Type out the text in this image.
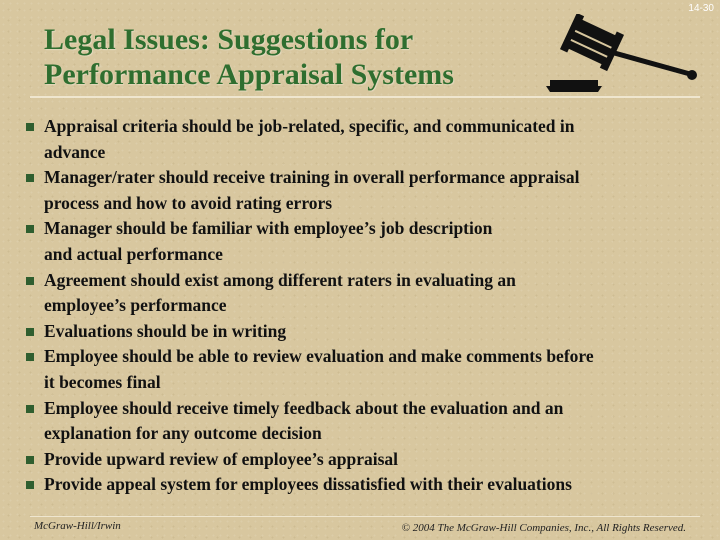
14-30
Legal Issues: Suggestions for
Performance Appraisal Systems
Appraisal criteria should be job-related, specific, and communicated in
advance
Manager/rater should receive training in overall performance appraisal
process and how to avoid rating errors
Manager should be familiar with employee’s job description
and actual performance
Agreement should exist among different raters in evaluating an
employee’s performance
Evaluations should be in writing
Employee should be able to review evaluation and make comments before
it becomes final
Employee should receive timely feedback about the evaluation and an
explanation for any outcome decision
Provide upward review of employee’s appraisal
Provide appeal system for employees dissatisfied with their evaluations
McGraw-Hill/Irwin	© 2004 The McGraw-Hill Companies, Inc., All Rights Reserved.
